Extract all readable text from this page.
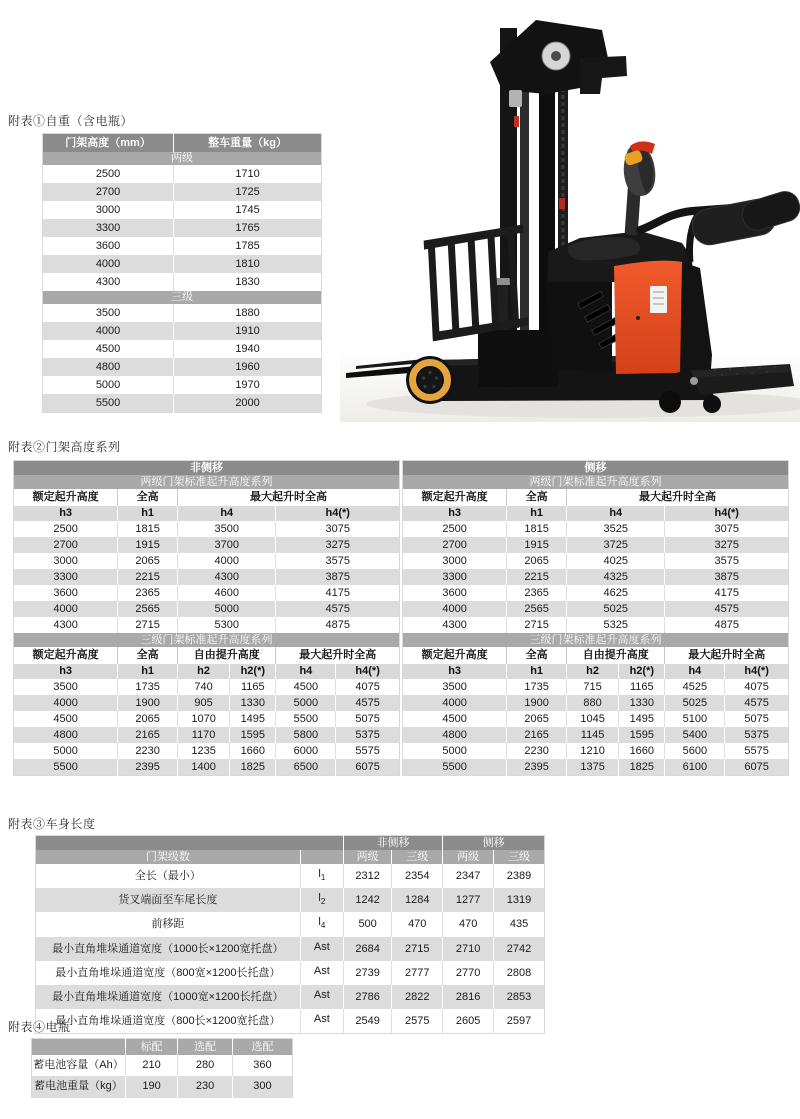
附表①自重（含电瓶）
门架高度（mm）	整车重量（kg）
两级	
2500	1710
2700	1725
3000	1745
3300	1765
3600	1785
4000	1810
4300	1830
三级	
3500	1880
4000	1910
4500	1940
4800	1960
5000	1970
5500	2000
附表②门架高度系列
非侧移					
两级门架标准起升高度系列					
额定起升高度	全高	最大起升时全高			
h3	h1	h4		h4(*)	
2500	1815	3500		3075	
2700	1915	3700		3275	
3000	2065	4000		3575	
3300	2215	4300		3875	
3600	2365	4600		4175	
4000	2565	5000		4575	
4300	2715	5300		4875	
三级门架标准起升高度系列					
额定起升高度	全高	自由提升高度		最大起升时全高	
h3	h1	h2	h2(*)	h4	h4(*)
3500	1735	740	1165	4500	4075
4000	1900	905	1330	5000	4575
4500	2065	1070	1495	5500	5075
4800	2165	1170	1595	5800	5375
5000	2230	1235	1660	6000	5575
5500	2395	1400	1825	6500	6075
侧移					
两级门架标准起升高度系列					
额定起升高度	全高	最大起升时全高			
h3	h1	h4		h4(*)	
2500	1815	3525		3075	
2700	1915	3725		3275	
3000	2065	4025		3575	
3300	2215	4325		3875	
3600	2365	4625		4175	
4000	2565	5025		4575	
4300	2715	5325		4875	
三级门架标准起升高度系列					
额定起升高度	全高	自由提升高度		最大起升时全高	
h3	h1	h2	h2(*)	h4	h4(*)
3500	1735	715	1165	4525	4075
4000	1900	880	1330	5025	4575
4500	2065	1045	1495	5100	5075
4800	2165	1145	1595	5400	5375
5000	2230	1210	1660	5600	5575
5500	2395	1375	1825	6100	6075
附表③车身长度
		非侧移		侧移	
门架级数		两级	三级	两级	三级
全长（最小）	$l_1$	2312	2354	2347	2389
货叉端面至车尾长度	$l_2$	1242	1284	1277	1319
前移距	$l_4$	500	470	470	435
最小直角堆垛通道宽度（1000长×1200宽托盘）	Ast	2684	2715	2710	2742
最小直角堆垛通道宽度（800宽×1200长托盘）	Ast	2739	2777	2770	2808
最小直角堆垛通道宽度（1000宽×1200长托盘）	Ast	2786	2822	2816	2853
最小直角堆垛通道宽度（800长×1200宽托盘）	Ast	2549	2575	2605	2597
附表④电瓶
	标配	选配	选配
蓄电池容量（Ah）	210	280	360
蓄电池重量（kg）	190	230	300
